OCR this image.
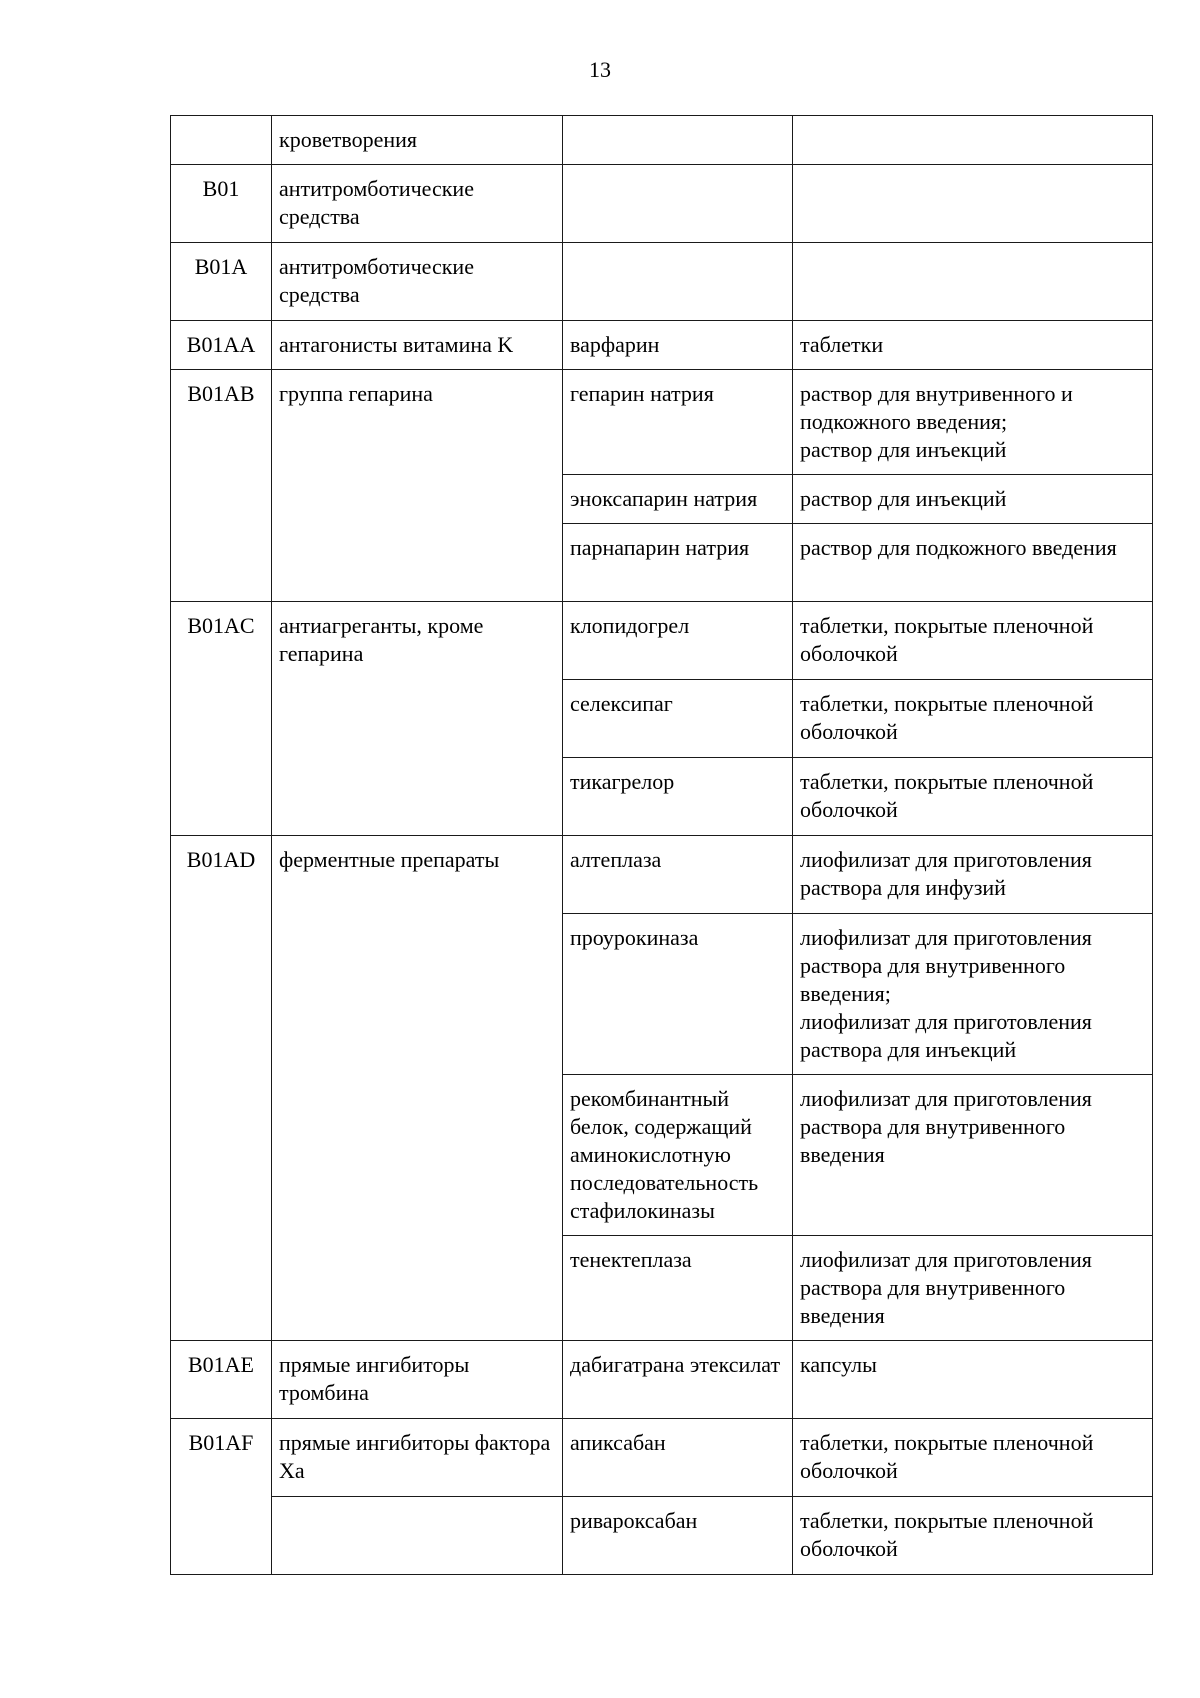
13
	кроветворения		
B01	антитромботические средства		
B01A	антитромботические средства		
B01AA	антагонисты витамина K	варфарин	таблетки
B01AB	группа гепарина	гепарин натрия	раствор для внутривенного и подкожного введения;
раствор для инъекций

		эноксапарин натрия	раствор для инъекций
		парнапарин натрия	раствор для подкожного введения
B01AC	антиагреганты, кроме гепарина	клопидогрел	таблетки, покрытые пленочной оболочкой
		селексипаг	таблетки, покрытые пленочной оболочкой
		тикагрелор	таблетки, покрытые пленочной оболочкой
B01AD	ферментные препараты	алтеплаза	лиофилизат для приготовления раствора для инфузий
		проурокиназа	лиофилизат для приготовления раствора для внутривенного введения;
лиофилизат для приготовления раствора для инъекций

		рекомбинантный белок, содержащий аминокислотную последовательность стафилокиназы	лиофилизат для приготовления раствора для внутривенного введения
		тенектеплаза	лиофилизат для приготовления раствора для внутривенного введения
B01AE	прямые ингибиторы тромбина	дабигатрана этексилат	капсулы
B01AF	прямые ингибиторы фактора Xa	апиксабан	таблетки, покрытые пленочной оболочкой
		ривароксабан	таблетки, покрытые пленочной оболочкой
